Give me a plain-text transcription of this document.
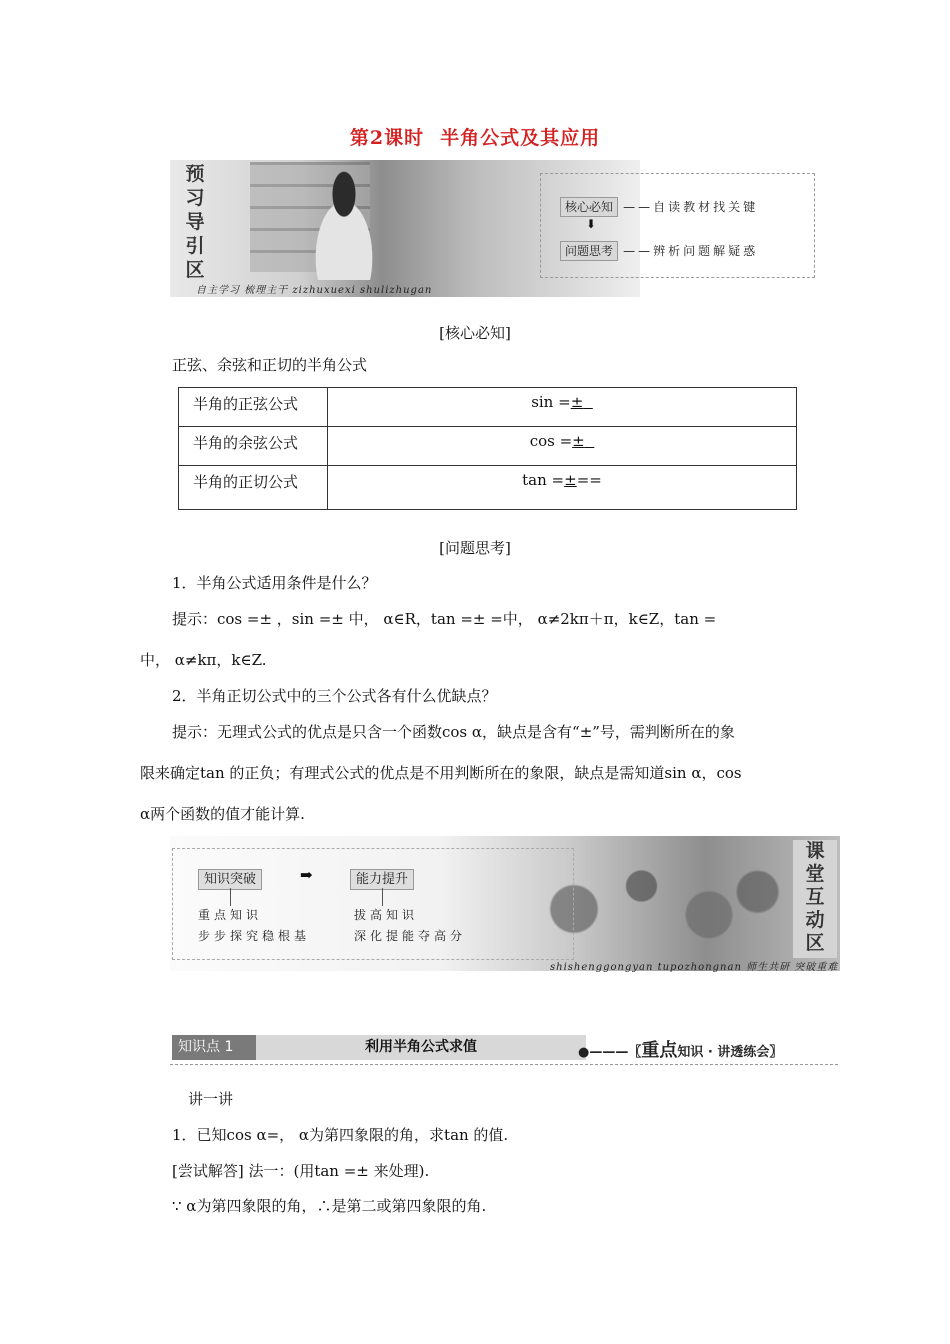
第2课时 半角公式及其应用
预
习
导
引
区
核心必知 ——自读教材找关键
⬇
问题思考 ——辨析问题解疑惑
自主学习 梳理主干 zizhuxuexi shulizhugan
[核心必知]
正弦、余弦和正切的半角公式
半角的正弦公式	sin =±
半角的余弦公式	cos =±
半角的正切公式	tan =±==
[问题思考]
1．半角公式适用条件是什么？
提示：cos =± ，sin =± 中， α∈R，tan =± =中， α≠2kπ＋π，k∈Z，tan =
中， α≠kπ，k∈Z.
2．半角正切公式中的三个公式各有什么优缺点？
提示：无理式公式的优点是只含一个函数cos α，缺点是含有“±”号，需判断所在的象
限来确定tan 的正负；有理式公式的优点是不用判断所在的象限，缺点是需知道sin α，cos
α两个函数的值才能计算.
知识突破	➡	能力提升
重点知识
步步探究稳根基
拔高知识
深化提能夺高分
课
堂
互
动
区
shishenggongyan tupozhongnan 师生共研 突破重难
知识点 1	利用半角公式求值	●———〖重点知识 · 讲透练会〗
讲一讲
1．已知cos α=， α为第四象限的角，求tan 的值.
[尝试解答] 法一：(用tan =± 来处理).
∵ α为第四象限的角，∴是第二或第四象限的角.
